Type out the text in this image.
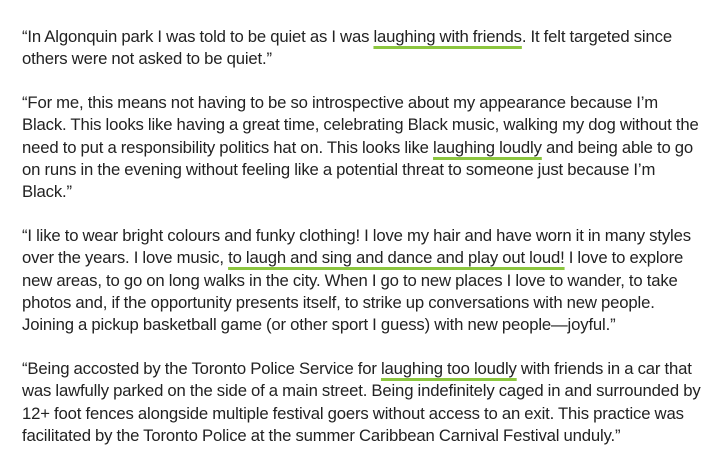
“In Algonquin park I was told to be quiet as I was laughing with friends. It felt targeted since others were not asked to be quiet.”

“For me, this means not having to be so introspective about my appearance because I’m Black. This looks like having a great time, celebrating Black music, walking my dog without the need to put a responsibility politics hat on. This looks like laughing loudly and being able to go on runs in the evening without feeling like a potential threat to someone just because I’m Black.”

“I like to wear bright colours and funky clothing! I love my hair and have worn it in many styles over the years. I love music, to laugh and sing and dance and play out loud! I love to explore new areas, to go on long walks in the city. When I go to new places I love to wander, to take photos and, if the opportunity presents itself, to strike up conversations with new people. Joining a pickup basketball game (or other sport I guess) with new people—joyful.”

“Being accosted by the Toronto Police Service for laughing too loudly with friends in a car that was lawfully parked on the side of a main street. Being indefinitely caged in and surrounded by 12+ foot fences alongside multiple festival goers without access to an exit. This practice was facilitated by the Toronto Police at the summer Caribbean Carnival Festival unduly.”
